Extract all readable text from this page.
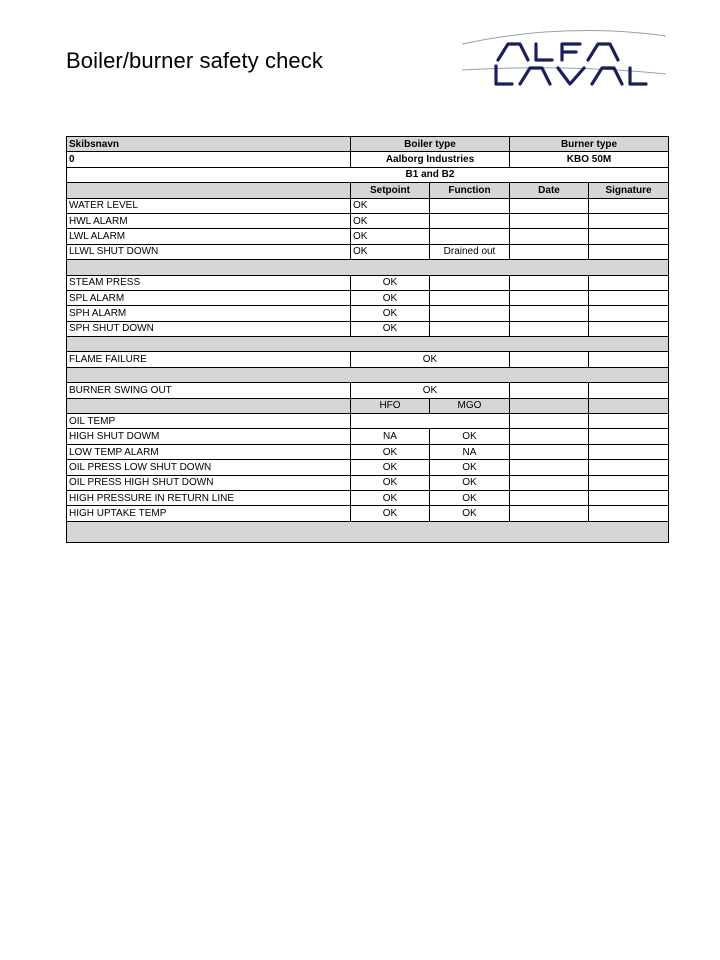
Boiler/burner safety check
Skibsnavn	Boiler type		Burner type	
0	Aalborg Industries		KBO 50M	
	B1 and B2			
	Setpoint	Function	Date	Signature
WATER LEVEL	OK			
HWL ALARM	OK			
LWL ALARM	OK			
LLWL SHUT DOWN	OK	Drained out		

STEAM PRESS	OK			
SPL ALARM	OK			
SPH ALARM	OK			
SPH SHUT DOWN	OK			

FLAME FAILURE	OK			

BURNER SWING OUT	OK			
	HFO	MGO		
OIL TEMP				
HIGH SHUT DOWM	NA	OK		
LOW TEMP ALARM	OK	NA		
OIL PRESS LOW SHUT DOWN	OK	OK		
OIL PRESS HIGH SHUT DOWN	OK	OK		
HIGH PRESSURE IN RETURN LINE	OK	OK		
HIGH UPTAKE TEMP	OK	OK		
